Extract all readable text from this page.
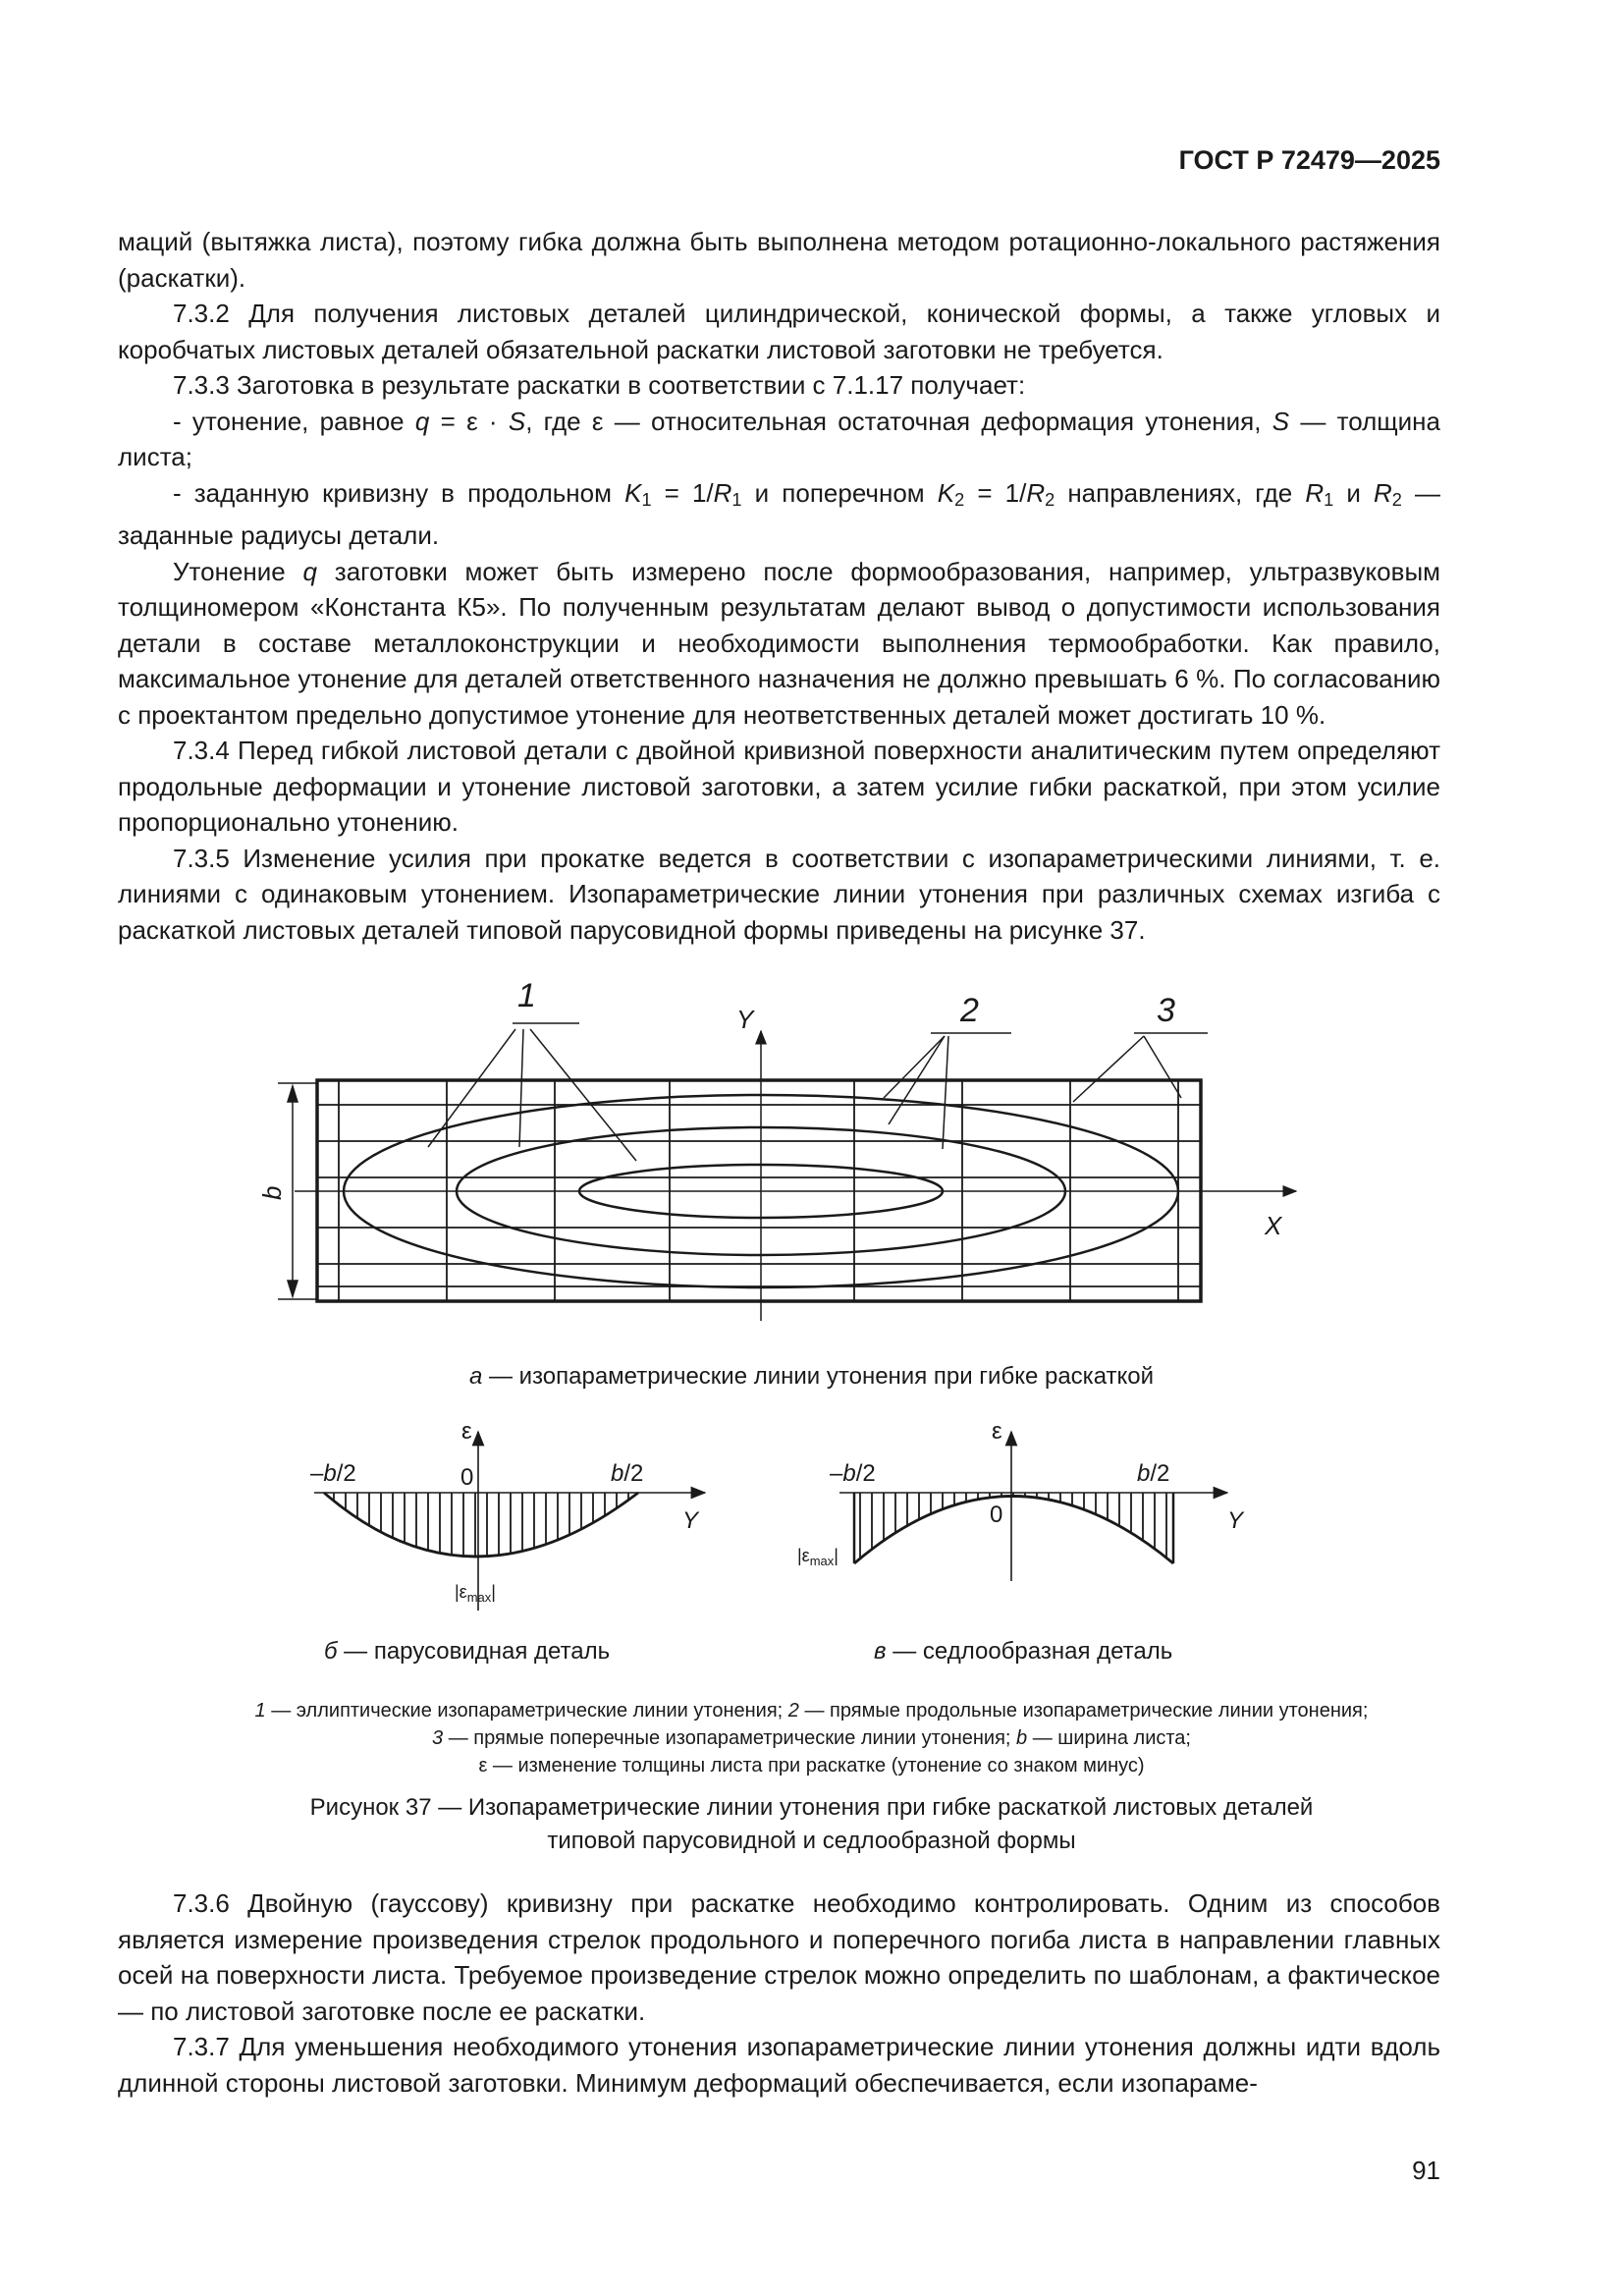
ГОСТ Р 72479—2025

маций (вытяжка листа), поэтому гибка должна быть выполнена методом ротационно-локального растяжения (раскатки).

7.3.2 Для получения листовых деталей цилиндрической, конической формы, а также угловых и коробчатых листовых деталей обязательной раскатки листовой заготовки не требуется.

7.3.3 Заготовка в результате раскатки в соответствии с 7.1.17 получает:

- утонение, равное q = ε · S, где ε — относительная остаточная деформация утонения, S — толщина листа;

- заданную кривизну в продольном $K_1 = 1/R_1$ и поперечном $K_2 = 1/R_2$ направлениях, где $R_1$ и $R_2$ — заданные радиусы детали.

Утонение q заготовки может быть измерено после формообразования, например, ультразвуковым толщиномером «Константа К5». По полученным результатам делают вывод о допустимости использования детали в составе металлоконструкции и необходимости выполнения термообработки. Как правило, максимальное утонение для деталей ответственного назначения не должно превышать 6 %. По согласованию с проектантом предельно допустимое утонение для неответственных деталей может достигать 10 %.

7.3.4 Перед гибкой листовой детали с двойной кривизной поверхности аналитическим путем определяют продольные деформации и утонение листовой заготовки, а затем усилие гибки раскаткой, при этом усилие пропорционально утонению.

7.3.5 Изменение усилия при прокатке ведется в соответствии с изопараметрическими линиями, т. е. линиями с одинаковым утонением. Изопараметрические линии утонения при различных схемах изгиба с раскаткой листовых деталей типовой парусовидной формы приведены на рисунке 37.

1	2	3
Y
X
b
ε
–b/2	0	b/2
Y
$|\varepsilon_{max}|$
ε
–b/2
0
b/2
Y
$|\varepsilon_{max}|$
а — изопараметрические линии утонения при гибке раскаткой
б — парусовидная деталь	в — седлообразная деталь
1 — эллиптические изопараметрические линии утонения; 2 — прямые продольные изопараметрические линии утонения;
3 — прямые поперечные изопараметрические линии утонения; b — ширина листа;
ε — изменение толщины листа при раскатке (утонение со знаком минус)
Рисунок 37 — Изопараметрические линии утонения при гибке раскаткой листовых деталей
типовой парусовидной и седлообразной формы

7.3.6 Двойную (гауссову) кривизну при раскатке необходимо контролировать. Одним из способов является измерение произведения стрелок продольного и поперечного погиба листа в направлении главных осей на поверхности листа. Требуемое произведение стрелок можно определить по шаблонам, а фактическое — по листовой заготовке после ее раскатки.

7.3.7 Для уменьшения необходимого утонения изопараметрические линии утонения должны идти вдоль длинной стороны листовой заготовки. Минимум деформаций обеспечивается, если изопараме-

91
